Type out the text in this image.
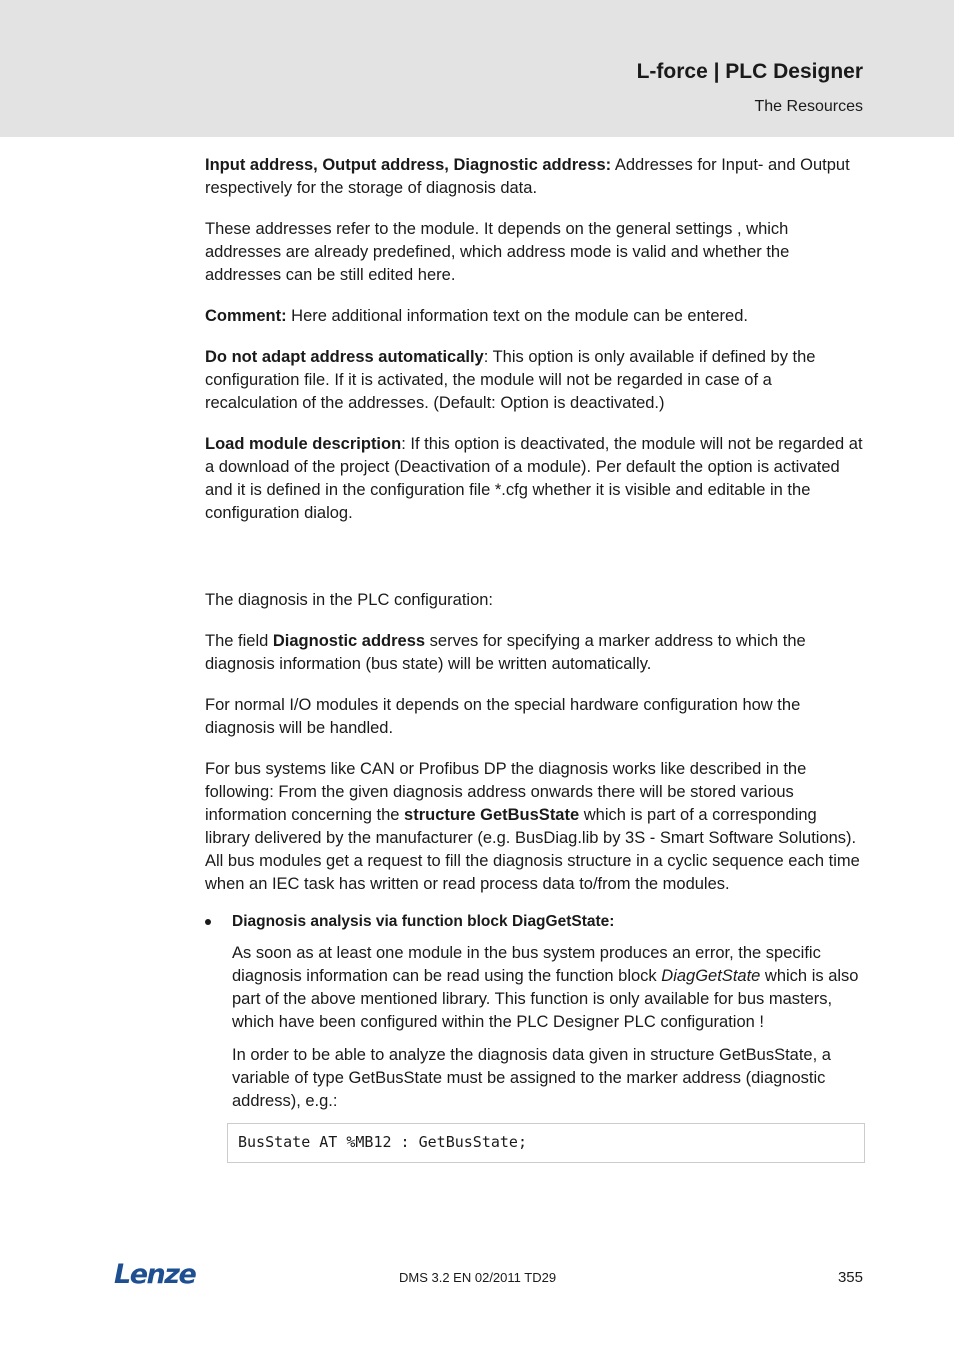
L-force | PLC Designer
The Resources

Input address, Output address, Diagnostic address: Addresses for Input- and Output respectively for the storage of diagnosis data.

These addresses refer to the module. It depends on the general settings , which addresses are already predefined, which address mode is valid and whether the addresses can be still edited here.

Comment: Here additional information text on the module can be entered.

Do not adapt address automatically: This option is only available if defined by the configuration file. If it is activated, the module will not be regarded in case of a recalculation of the addresses. (Default: Option is deactivated.)

Load module description: If this option is deactivated, the module will not be regarded at a download of the project (Deactivation of a module). Per default the option is activated and it is defined in the configuration file *.cfg whether it is visible and editable in the configuration dialog.

The diagnosis in the PLC configuration:

The field Diagnostic address serves for specifying a marker address to which the diagnosis information (bus state) will be written automatically.

For normal I/O modules it depends on the special hardware configuration how the diagnosis will be handled.

For bus systems like CAN or Profibus DP the diagnosis works like described in the following: From the given diagnosis address onwards there will be stored various information concerning the structure GetBusState which is part of a corresponding library delivered by the manufacturer (e.g. BusDiag.lib by 3S - Smart Software Solutions). All bus modules get a request to fill the diagnosis structure in a cyclic sequence each time when an IEC task has written or read process data to/from the modules.

Diagnosis analysis via function block DiagGetState:

As soon as at least one module in the bus system produces an error, the specific diagnosis information can be read using the function block DiagGetState which is also part of the above mentioned library. This function is only available for bus masters, which have been configured within the PLC Designer PLC configuration !

In order to be able to analyze the diagnosis data given in structure GetBusState, a variable of type GetBusState must be assigned to the marker address (diagnostic address), e.g.:

BusState AT %MB12 : GetBusState;
Lenze	DMS 3.2 EN 02/2011 TD29	355
